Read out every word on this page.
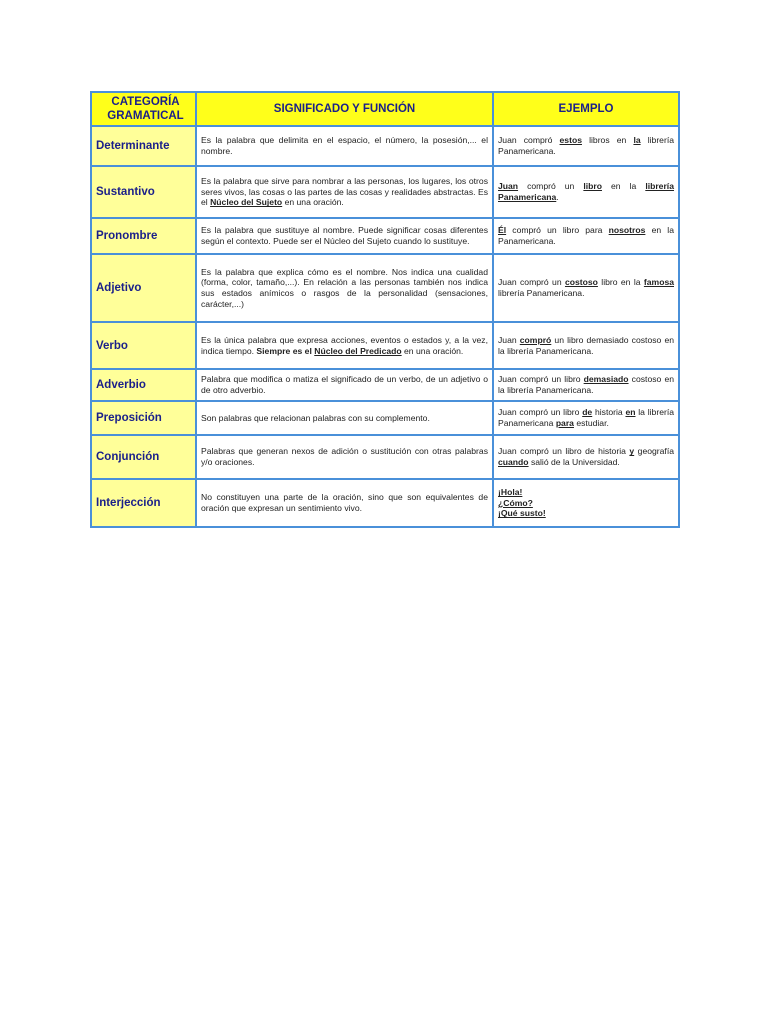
CATEGORÍA
GRAMATICAL	SIGNIFICADO Y FUNCIÓN	EJEMPLO
Determinante	Es la palabra que delimita en el espacio, el número, la posesión,... el nombre.	Juan compró estos libros en la librería Panamericana.
Sustantivo	Es la palabra que sirve para nombrar a las personas, los lugares, los otros seres vivos, las cosas o las partes de las cosas y realidades abstractas. Es el Núcleo del Sujeto en una oración.	Juan compró un libro en la librería Panamericana.
Pronombre	Es la palabra que sustituye al nombre. Puede significar cosas diferentes según el contexto. Puede ser el Núcleo del Sujeto cuando lo sustituye.	Él compró un libro para nosotros en la Panamericana.
Adjetivo	Es la palabra que explica cómo es el nombre. Nos indica una cualidad (forma, color, tamaño,...). En relación a las personas también nos indica sus estados anímicos o rasgos de la personalidad (sensaciones, carácter,...)	Juan compró un costoso libro en la famosa librería Panamericana.
Verbo	Es la única palabra que expresa acciones, eventos o estados y, a la vez, indica tiempo. Siempre es el Núcleo del Predicado en una oración.	Juan compró un libro demasiado costoso en la librería Panamericana.
Adverbio	Palabra que modifica o matiza el significado de un verbo, de un adjetivo o de otro adverbio.	Juan compró un libro demasiado costoso en la librería Panamericana.
Preposición	Son palabras que relacionan palabras con su complemento.	Juan compró un libro de historia en la librería Panamericana para estudiar.
Conjunción	Palabras que generan nexos de adición o sustitución con otras palabras y/o oraciones.	Juan compró un libro de historia y geografía cuando salió de la Universidad.
Interjección	No constituyen una parte de la oración, sino que son equivalentes de oración que expresan un sentimiento vivo.	¡Hola!
¿Cómo?
¡Qué susto!
